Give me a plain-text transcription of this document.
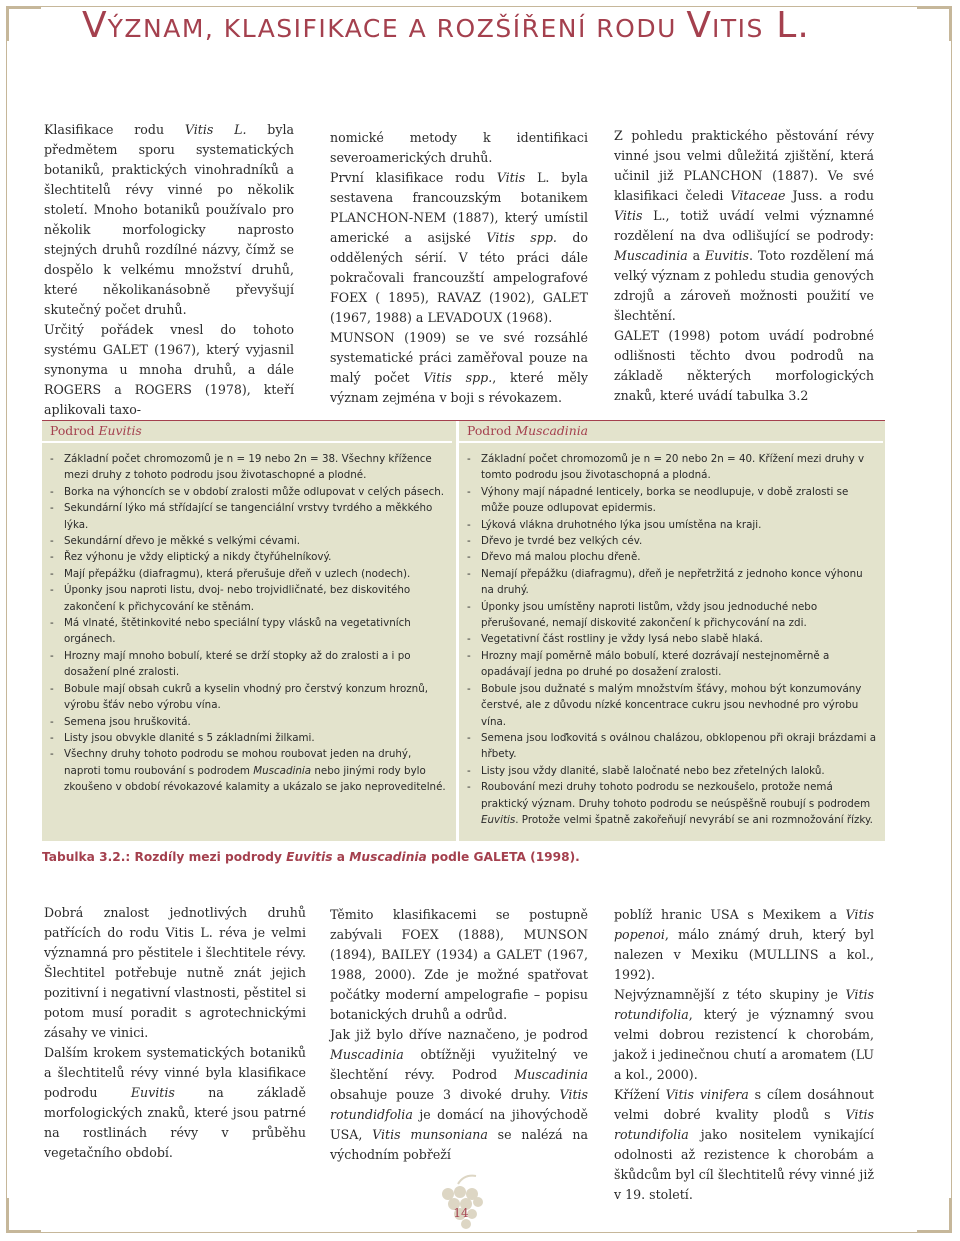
VÝZNAM, KLASIFIKACE A ROZŠÍŘENÍ RODU VITIS L.

Klasifikace rodu Vitis L. byla předmětem sporu systematických botaniků, praktických vinohradníků a šlechtitelů révy vinné po několik století. Mnoho botaniků používalo pro několik morfologicky naprosto stejných druhů rozdílné názvy, čímž se dospělo k velkému množství druhů, které několikanásobně převyšují skutečný počet druhů.

Určitý pořádek vnesl do tohoto systému GALET (1967), který vyjasnil synonyma u mnoha druhů, a dále ROGERS a ROGERS (1978), kteří aplikovali taxo-

nomické metody k identifikaci severoamerických druhů.

První klasifikace rodu Vitis L. byla sestavena francouzským botanikem PLANCHON-NEM (1887), který umístil americké a asijské Vitis spp. do oddělených sérií. V této práci dále pokračovali francouzští ampelografové FOEX ( 1895), RAVAZ (1902), GALET (1967, 1988) a LEVADOUX (1968).

MUNSON (1909) se ve své rozsáhlé systematické práci zaměřoval pouze na malý počet Vitis spp., které měly význam zejména v boji s révokazem.

Z pohledu praktického pěstování révy vinné jsou velmi důležitá zjištění, která učinil již PLANCHON (1887). Ve své klasifikaci čeledi Vitaceae Juss. a rodu Vitis L., totiž uvádí velmi významné rozdělení na dva odlišující se podrody: Muscadinia a Euvitis. Toto rozdělení má velký význam z pohledu studia genových zdrojů a zároveň možnosti použití ve šlechtění.

GALET (1998) potom uvádí podrobné odlišnosti těchto dvou podrodů na základě některých morfologických znaků, které uvádí tabulka 3.2

Podrod Euvitis
- Základní počet chromozomů je n = 19 nebo 2n = 38. Všechny křížence mezi druhy z tohoto podrodu jsou životaschopné a plodné.
- Borka na výhoncích se v období zralosti může odlupovat v celých pásech.
- Sekundární lýko má střídající se tangenciální vrstvy tvrdého a měkkého lýka.
- Sekundární dřevo je měkké s velkými cévami.
- Řez výhonu je vždy eliptický a nikdy čtyřúhelníkový.
- Mají přepážku (diafragmu), která přerušuje dřeň v uzlech (nodech).
- Úponky jsou naproti listu, dvoj- nebo trojvidličnaté, bez diskovitého zakončení k přichycování ke stěnám.
- Má vlnaté, štětinkovité nebo speciální typy vlásků na vegetativních orgánech.
- Hrozny mají mnoho bobulí, které se drží stopky až do zralosti a i po dosažení plné zralosti.
- Bobule mají obsah cukrů a kyselin vhodný pro čerstvý konzum hroznů, výrobu šťáv nebo výrobu vína.
- Semena jsou hruškovitá.
- Listy jsou obvykle dlanité s 5 základními žilkami.
- Všechny druhy tohoto podrodu se mohou roubovat jeden na druhý, naproti tomu roubování s podrodem Muscadinia nebo jinými rody bylo zkoušeno v období révokazové kalamity a ukázalo se jako neproveditelné.
Podrod Muscadinia
- Základní počet chromozomů je n = 20 nebo 2n = 40. Křížení mezi druhy v tomto podrodu jsou životaschopná a plodná.
- Výhony mají nápadné lenticely, borka se neodlupuje, v době zralosti se může pouze odlupovat epidermis.
- Lýková vlákna druhotného lýka jsou umístěna na kraji.
- Dřevo je tvrdé bez velkých cév.
- Dřevo má malou plochu dřeně.
- Nemají přepážku (diafragmu), dřeň je nepřetržitá z jednoho konce výhonu na druhý.
- Úponky jsou umístěny naproti listům, vždy jsou jednoduché nebo přerušované, nemají diskovité zakončení k přichycování na zdi.
- Vegetativní část rostliny je vždy lysá nebo slabě hlaká.
- Hrozny mají poměrně málo bobulí, které dozrávají nestejnoměrně a opadávají jedna po druhé po dosažení zralosti.
- Bobule jsou dužnaté s malým množstvím šťávy, mohou být konzumovány čerstvé, ale z důvodu nízké koncentrace cukru jsou nevhodné pro výrobu vína.
- Semena jsou loďkovitá s oválnou chalázou, obklopenou při okraji brázdami a hřbety.
- Listy jsou vždy dlanité, slabě laločnaté nebo bez zřetelných laloků.
- Roubování mezi druhy tohoto podrodu se nezkoušelo, protože nemá praktický význam. Druhy tohoto podrodu se neúspěšně roubují s podrodem Euvitis. Protože velmi špatně zakořeňují nevyrábí se ani rozmnožování řízky.
Tabulka 3.2.: Rozdíly mezi podrody Euvitis a Muscadinia podle GALETA (1998).

Dobrá znalost jednotlivých druhů patřících do rodu Vitis L. réva je velmi významná pro pěstitele i šlechtitele révy. Šlechtitel potřebuje nutně znát jejich pozitivní i negativní vlastnosti, pěstitel si potom musí poradit s agrotechnickými zásahy ve vinici.

Dalším krokem systematických botaniků a šlechtitelů révy vinné byla klasifikace podrodu Euvitis na základě morfologických znaků, které jsou patrné na rostlinách révy v průběhu vegetačního období.

Těmito klasifikacemi se postupně zabývali FOEX (1888), MUNSON (1894), BAILEY (1934) a GALET (1967, 1988, 2000). Zde je možné spatřovat počátky moderní ampelografie – popisu botanických druhů a odrůd.

Jak již bylo dříve naznačeno, je podrod Muscadinia obtížněji využitelný ve šlechtění révy. Podrod Muscadinia obsahuje pouze 3 divoké druhy. Vitis rotundidfolia je domácí na jihovýchodě USA, Vitis munsoniana se nalézá na východním pobřeží

poblíž hranic USA s Mexikem a Vitis popenoi, málo známý druh, který byl nalezen v Mexiku (MULLINS a kol., 1992).

Nejvýznamnější z této skupiny je Vitis rotundifolia, který je významný svou velmi dobrou rezistencí k chorobám, jakož i jedinečnou chutí a aromatem (LU a kol., 2000).

Křížení Vitis vinifera s cílem dosáhnout velmi dobré kvality plodů s Vitis rotundifolia jako nositelem vynikající odolnosti až rezistence k chorobám a škůdcům byl cíl šlechtitelů révy vinné již v 19. století.

14
